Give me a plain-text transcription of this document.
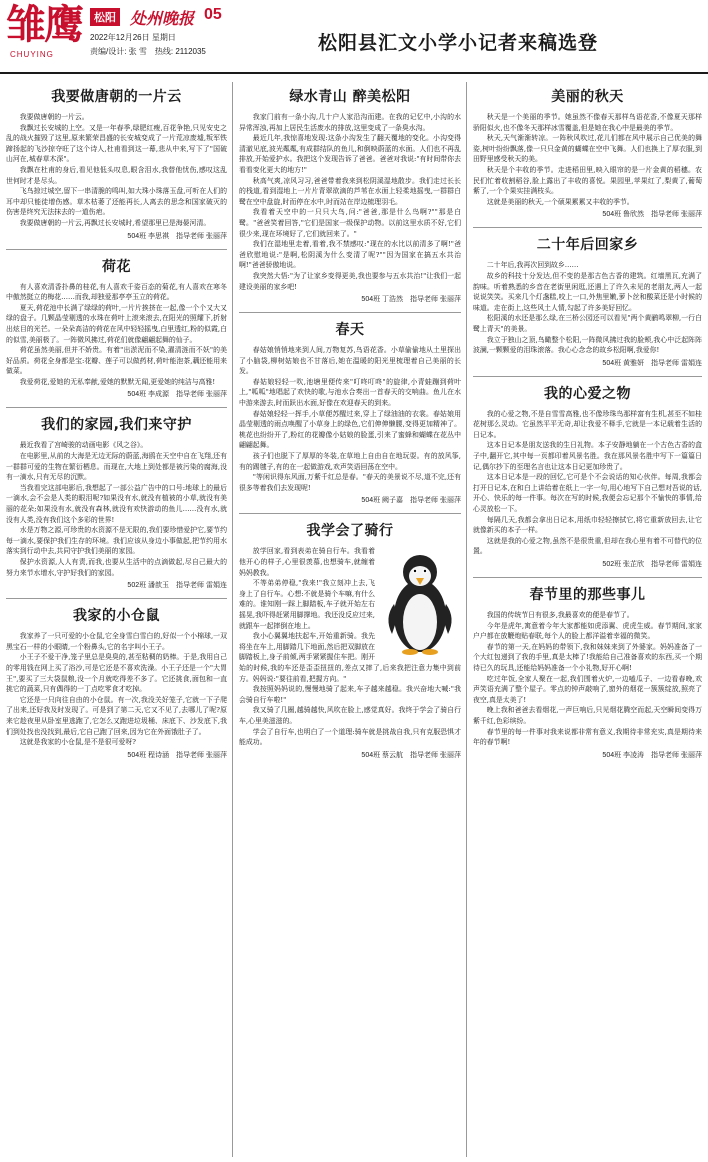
雏鹰
CHUYING
松阳 处州晚报 05
2022年12月26日 星期日
责编/设计: 张 雪　热线: 2112035	松阳县汇文小学小记者来稿选登
我要做唐朝的一片云

我要做唐朝的一片云。

我飘过长安城的上空。又是一年春季,绿肥红瘦,百花争艳,只见安史之乱的战火摧毁了这里,原来繁荣昌盛的长安城变成了一片荒凉废墟,叛军铁蹄扬起的飞沙掠夺旺了这个诗人,杜甫看到这一幕,悲从中来,写下了"国破山河在,城春草木深"。

我飘在杜甫的身后,看见他低头叹息,眼含泪水,我替他忧伤,感叹这乱世何时才是尽头。

飞鸟掠过城空,留下一串清脆的鸣叫,如大珠小珠落玉盘,可听在人们的耳中却只能徒增伤感。草木枯萎了还能再长,人离去的思念和国家破灭的伤害是终究无法抹去的一道伤疤。

我要做唐朝的一片云,再飘过长安城时,希望那里已是海晏河清。

504班 李思祺　指导老师 张丽萍
荷花

有人喜欢清香扑鼻的桂花,有人喜欢千姿百态的菊花,有人喜欢在寒冬中傲然挺立的梅花……而我,却独爱那亭亭玉立的荷花。

夏天,荷花池中长满了绿绿的荷叶,一片片挨挤在一起,像一个个又大又绿的盘子。几颗晶莹剔透的水珠在荷叶上滚来滚去,在阳光的照耀下,折射出炫目的光芒。一朵朵高洁的荷花在风中轻轻摇曳,白里透红,粉的似霞,白的似雪,美丽极了。一阵微风拂过,荷花们就像翩翩起舞的仙子。

荷花虽然美丽,但并不娇贵。有着"出淤泥而不染,濯清涟而不妖"的美好品质。荷花全身都是宝:花瓣、莲子可以做药材,荷叶能泡茶,藕还能用来做菜。

我爱荷花,爱她的无私奉献,爱她的默默无闻,更爱她的纯洁与高雅!

504班 李成源　指导老师 张丽萍
我们的家园,我们来守护

最近我看了宫崎骏的动画电影《风之谷》。

在电影里,从前的大海是无边无际的蔚蓝,海鸥在天空中自在飞翔,还有一群群可爱的生物在繁衍栖息。而现在,大地上到处都是被污染的腐海,没有一滴水,只有无尽的沉默。

当我看完这部电影后,我想起了一部公益广告中的口号:地球上的最后一滴水,会不会是人类的眼泪呢?如果没有水,就没有植被的小草,就没有美丽的花朵;如果没有水,就没有森林,就没有欢快游动的鱼儿……没有水,就没有人类,没有我们这个多彩的世界!

水是万物之源,可珍贵的水资源不是无限的,我们要珍惜爱护它,要节约每一滴水,要保护我们生存的环境。我们应该从身边小事做起,把节约用水落实到行动中去,共同守护我们美丽的家园。

保护水资源,人人有责,而我,也要从生活中的点滴做起,尽自己最大的努力来节水增水,守护好我们的家园。

502班 潘歆玉　指导老师 雷娟连
我家的小仓鼠

我家养了一只可爱的小仓鼠,它全身雪白雪白的,好似一个小棉球,一双黑宝石一样的小眼睛,一个粉鼻头,它的名字叫小王子。

小王子不爱干净,笼子里总是臭臭的,甚至粘稠的奶棒。于是,我用自己的零用钱在网上买了浴沙,可是它还是不喜欢洗澡。小王子还是一个"大胃王",要买了三大袋鼠粮,没一个月就吃得差不多了。它还挑食,面包和一直挑它的蔬菜,只有偶得的一丁点吃零食才吃掉。

它还是一只向往自由的小仓鼠。有一次,我没关好笼子,它就一下子爬了出来,还好我及时发现了。可是到了第二天,它又不见了,去哪儿了呢?原来它趁夜里从卧室里逃跑了,它怎么又跑进垃圾桶、床底下、沙发底下,我们到处找也没找到,最后,它自己跑了回来,因为它在外面饿肚子了。

这就是我家的小仓鼠,是不是很可爱呀?

504班 程诗涵　指导老师 张丽萍
绿水青山 醉美松阳

我家门前有一条小沟,几十户人家沿沟而建。在我的记忆中,小沟的水异常浑浊,再加上居民生活废水的排放,这里变成了一条臭水沟。

最近几年,我惊喜地发现:这条小沟发生了翻天覆地的变化。小沟变得清澈见底,波光粼粼,有成群结队的鱼儿,和倒映蔚蓝的水面。人们也不再乱排放,开始爱护水。我把这个发现告诉了爸爸。爸爸对我说:"有时间带你去看看变化更大的地方!"

秋高气爽,凉风习习,爸爸带着我来到松阴溪湿地散步。我们走过长长的栈道,看到湿地上一片片青翠欲滴的芦苇在水面上轻柔地摇曳,一群群白鹭在空中盘旋,时而停在水中,时而站在岸边梳理羽毛。

我看着天空中的一只只大鸟,问:"爸爸,那是什么鸟啊?""那是白鹭。"爸爸笑着回答,"它们是国家一级保护动物。以前这里水质不好,它们很少来,现在环境好了,它们就回来了。"

我们在湿地里走着,看着,我不禁感叹:"现在的水比以前清多了啊!"爸爸欣慰地说:"是啊,松阴溪为什么变清了呢?""因为国家在搞五水共治啊!"爸爸骄傲地说。

我突然大悟:"为了让家乡变得更美,我也要参与五水共治!"让我们一起建设美丽的家乡吧!

504班 丁浩然　指导老师 张丽萍
春天

春姑娘悄悄地来到人间,万物复苏,鸟语花香。小草偷偷地从土里探出了小脑袋,柳树姑娘也不甘落后,她在温暖的阳光里梳理着自己美丽的长发。

春姑娘轻轻一吹,池塘里便传来"叮咚叮咚"的旋律,小青蛙蹦到荷叶上,"呱呱"地唱起了欢快的歌,与池水合奏出一首春天的交响曲。鱼儿在水中游来游去,时而跃出水面,好像在欢迎春天的到来。

春姑娘轻轻一挥手,小草便苏醒过来,穿上了绿油油的衣裳。春姑娘用晶莹剔透的雨点唤醒了小草身上的绿色,它们伸伸懒腰,变得更加精神了。桃花也纷纷开了,粉红的花瓣像小姑娘的脸蛋,引来了蜜蜂和蝴蝶在花丛中翩翩起舞。

孩子们也脱下了厚厚的冬装,在草地上自由自在地玩耍。有的放风筝,有的踢毽子,有的在一起做游戏,欢声笑语回荡在空中。

"等闲识得东风面,万紫千红总是春。"春天的美景说不尽,道不完,还有很多等着我们去发现呢!

504班 阙子嘉　指导老师 张丽萍
我学会了骑行

放学回家,看到表弟在骑自行车。我看着他开心的样子,心里很羡慕,也想骑车,就缠着妈妈教我。

不等弟弟停稳,"我来!"我立刻冲上去,飞身上了自行车。心想:不就是骑个车嘛,有什么难的。谁知刚一踩上脚踏板,车子就开始左右摇晃,我吓得赶紧用脚撑地。我还没反应过来,就跟车一起摔倒在地上。

我小心翼翼地扶起车,开始重新骑。我先将坐在车上,用脚踏几下地面,然后把双脚放在脚踏板上,身子前倾,两手紧紧握住车把。刚开始的时候,我的车还是歪歪扭扭的,差点又摔了,后来我把注意力集中到前方。妈妈说:"要往前看,把握方向。"

我按照妈妈说的,慢慢地骑了起来,车子越来越稳。我兴奋地大喊:"我会骑自行车啦!"

我又骑了几圈,越骑越快,风吹在脸上,感觉真好。我终于学会了骑自行车,心里美滋滋的。

学会了自行车,也明白了一个道理:骑车就是挑战自我,只有克服恐惧才能成功。

504班 蔡云航　指导老师 张丽萍
美丽的秋天

秋天是一个美丽的季节。她虽然不像春天那样鸟语花香,不像夏天那样骄阳似火,也不像冬天那样冰雪覆盖,但是她在我心中是最美的季节。

秋天,天气渐渐转凉。一阵秋风吹过,花儿们都在风中展示自己优美的舞姿,树叶纷纷飘落,像一只只金黄的蝴蝶在空中飞舞。人们也换上了厚衣服,到田野里感受秋天的美。

秋天是个丰收的季节。走进稻田里,映入眼帘的是一片金黄的稻穗。农民们忙着收割稻谷,脸上露出了丰收的喜悦。果园里,苹果红了,梨黄了,葡萄紫了,一个个果实挂满枝头。

这就是美丽的秋天,一个硕果累累又丰收的季节。

504班 鲁欣然　指导老师 张丽萍
二十年后回家乡

二十年后,我再次回到故乡……

故乡的科技十分发达,但不变的是那古色古香的建筑。红墙黑瓦,充满了韵味。听着熟悉的乡音在老街里闲逛,还遇上了许久未见的老朋友,两人一起说说笑笑。买来几个灯盏糕,咬上一口,外焦里嫩,萝卜丝和酸菜还是小时候的味道。走在街上,这些风土人情,勾起了许多美好回忆。

松阳溪的水还是那么绿,在三桥公园还可以看见"两个黄鹂鸣翠柳,一行白鹭上青天"的美景。

我立于独山之顶,鸟瞰整个松阳,一阵微风拂过我的脸颊,我心中泛起阵阵波澜,一颗颗爱的泪珠滚落。我心心念念的故乡松阳啊,我爱你!

504班 黄雅妍　指导老师 雷娟连
我的心爱之物

我的心爱之物,不是自雪雪高雅,也不像珍珠鸟那样富有生机,甚至不如桂花树那么灵动。它虽然平平无奇,却让我爱不释手,它就是一本记载着生活的日记本。

这本日记本是朋友送我的生日礼物。本子安静地躺在一个古色古香的盒子中,翻开它,其中每一页都印着风景名胜。我在那风景名胜中写下一篇篇日记,偶尔抄下的至理名言也让这本日记更加珍贵了。

这本日记本是一段的回忆,它可是个不会说话的知心伙伴。每周,我都会打开日记本,在和白上讲给着在纸上一字一句,用心地写下自己想对吾说的话,开心、快乐的每一件事。每次在写的时候,我便会忘记那个不愉快的事情,给心灵放松一下。

每隔几天,我都会拿出日记本,用纸巾轻轻擦拭它,将它重新放回去,让它就像新买的本子一样。

这就是我的心爱之物,虽然不是很贵重,但却在我心里有着不可替代的位置。

502班 张芷欣　指导老师 雷娟连
春节里的那些事儿

我国的传统节日有很多,我最喜欢的便是春节了。

今年是虎年,寓意着今年大家都能如虎添翼、虎虎生威。春节期间,家家户户都在放鞭炮贴春联,每个人的脸上都洋溢着幸福的微笑。

春节的第一天,在妈妈的带领下,我和妹妹来到了外婆家。妈妈准备了一个大红包递到了我的手里,真是太棒了!我能给自己准备喜欢的东西,买一个期待已久的玩具,还能给妈妈准备一个小礼物,好开心啊!

吃过年饭,全家人聚在一起,我们围着火炉,一边嗑瓜子、一边看春晚,欢声笑语充满了整个屋子。零点的钟声敲响了,窗外的烟花一簇簇绽放,照亮了夜空,真是太美了!

晚上我和爸爸去看烟花,一声巨响后,只见烟花腾空而起,天空瞬间变得万紫千红,色彩缤纷。

春节里的每一件事对我来说都非常有意义,我期待非常充实,真是期待来年的春节啊!

504班 李凌涛　指导老师 张丽萍
